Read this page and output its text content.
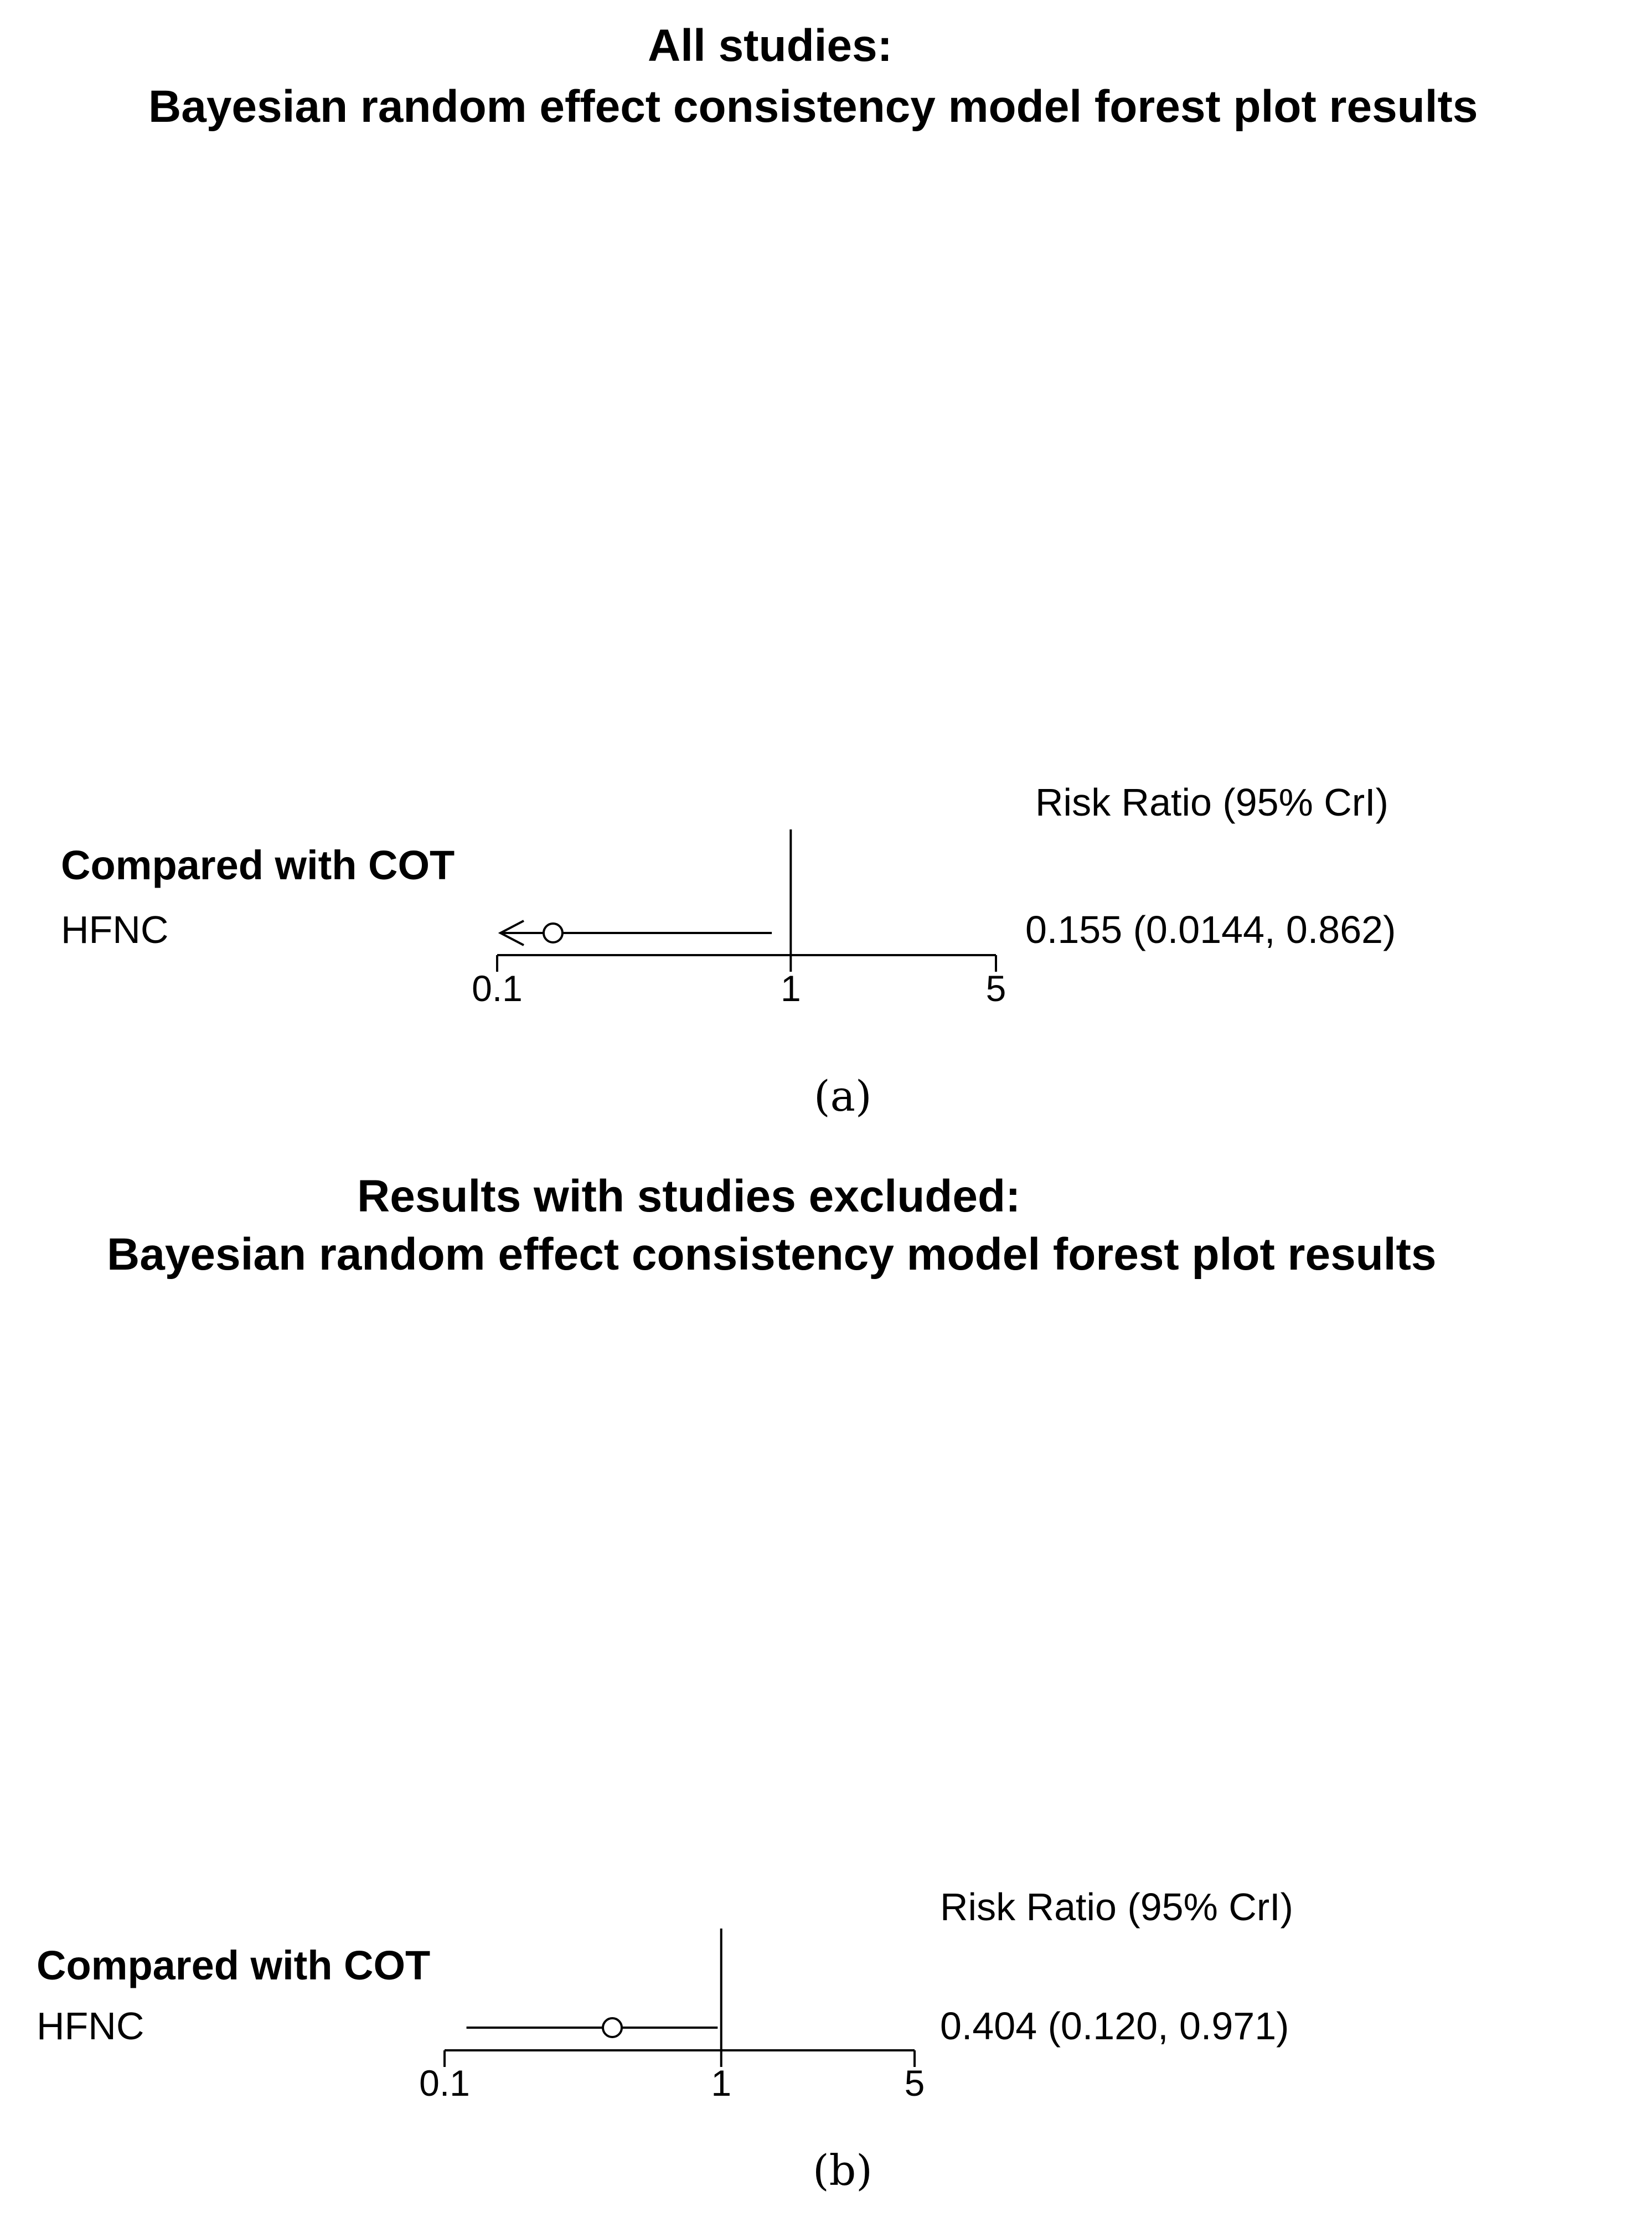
All studies:
Bayesian random effect consistency model forest plot results
Risk Ratio (95% CrI)
Compared with COT
HFNC	0.155 (0.0144, 0.862)
0.1	1	5
(a)
Results with studies excluded:
Bayesian random effect consistency model forest plot results
Risk Ratio (95% CrI)
Compared with COT
HFNC	0.404 (0.120, 0.971)
0.1	1	5
(b)
